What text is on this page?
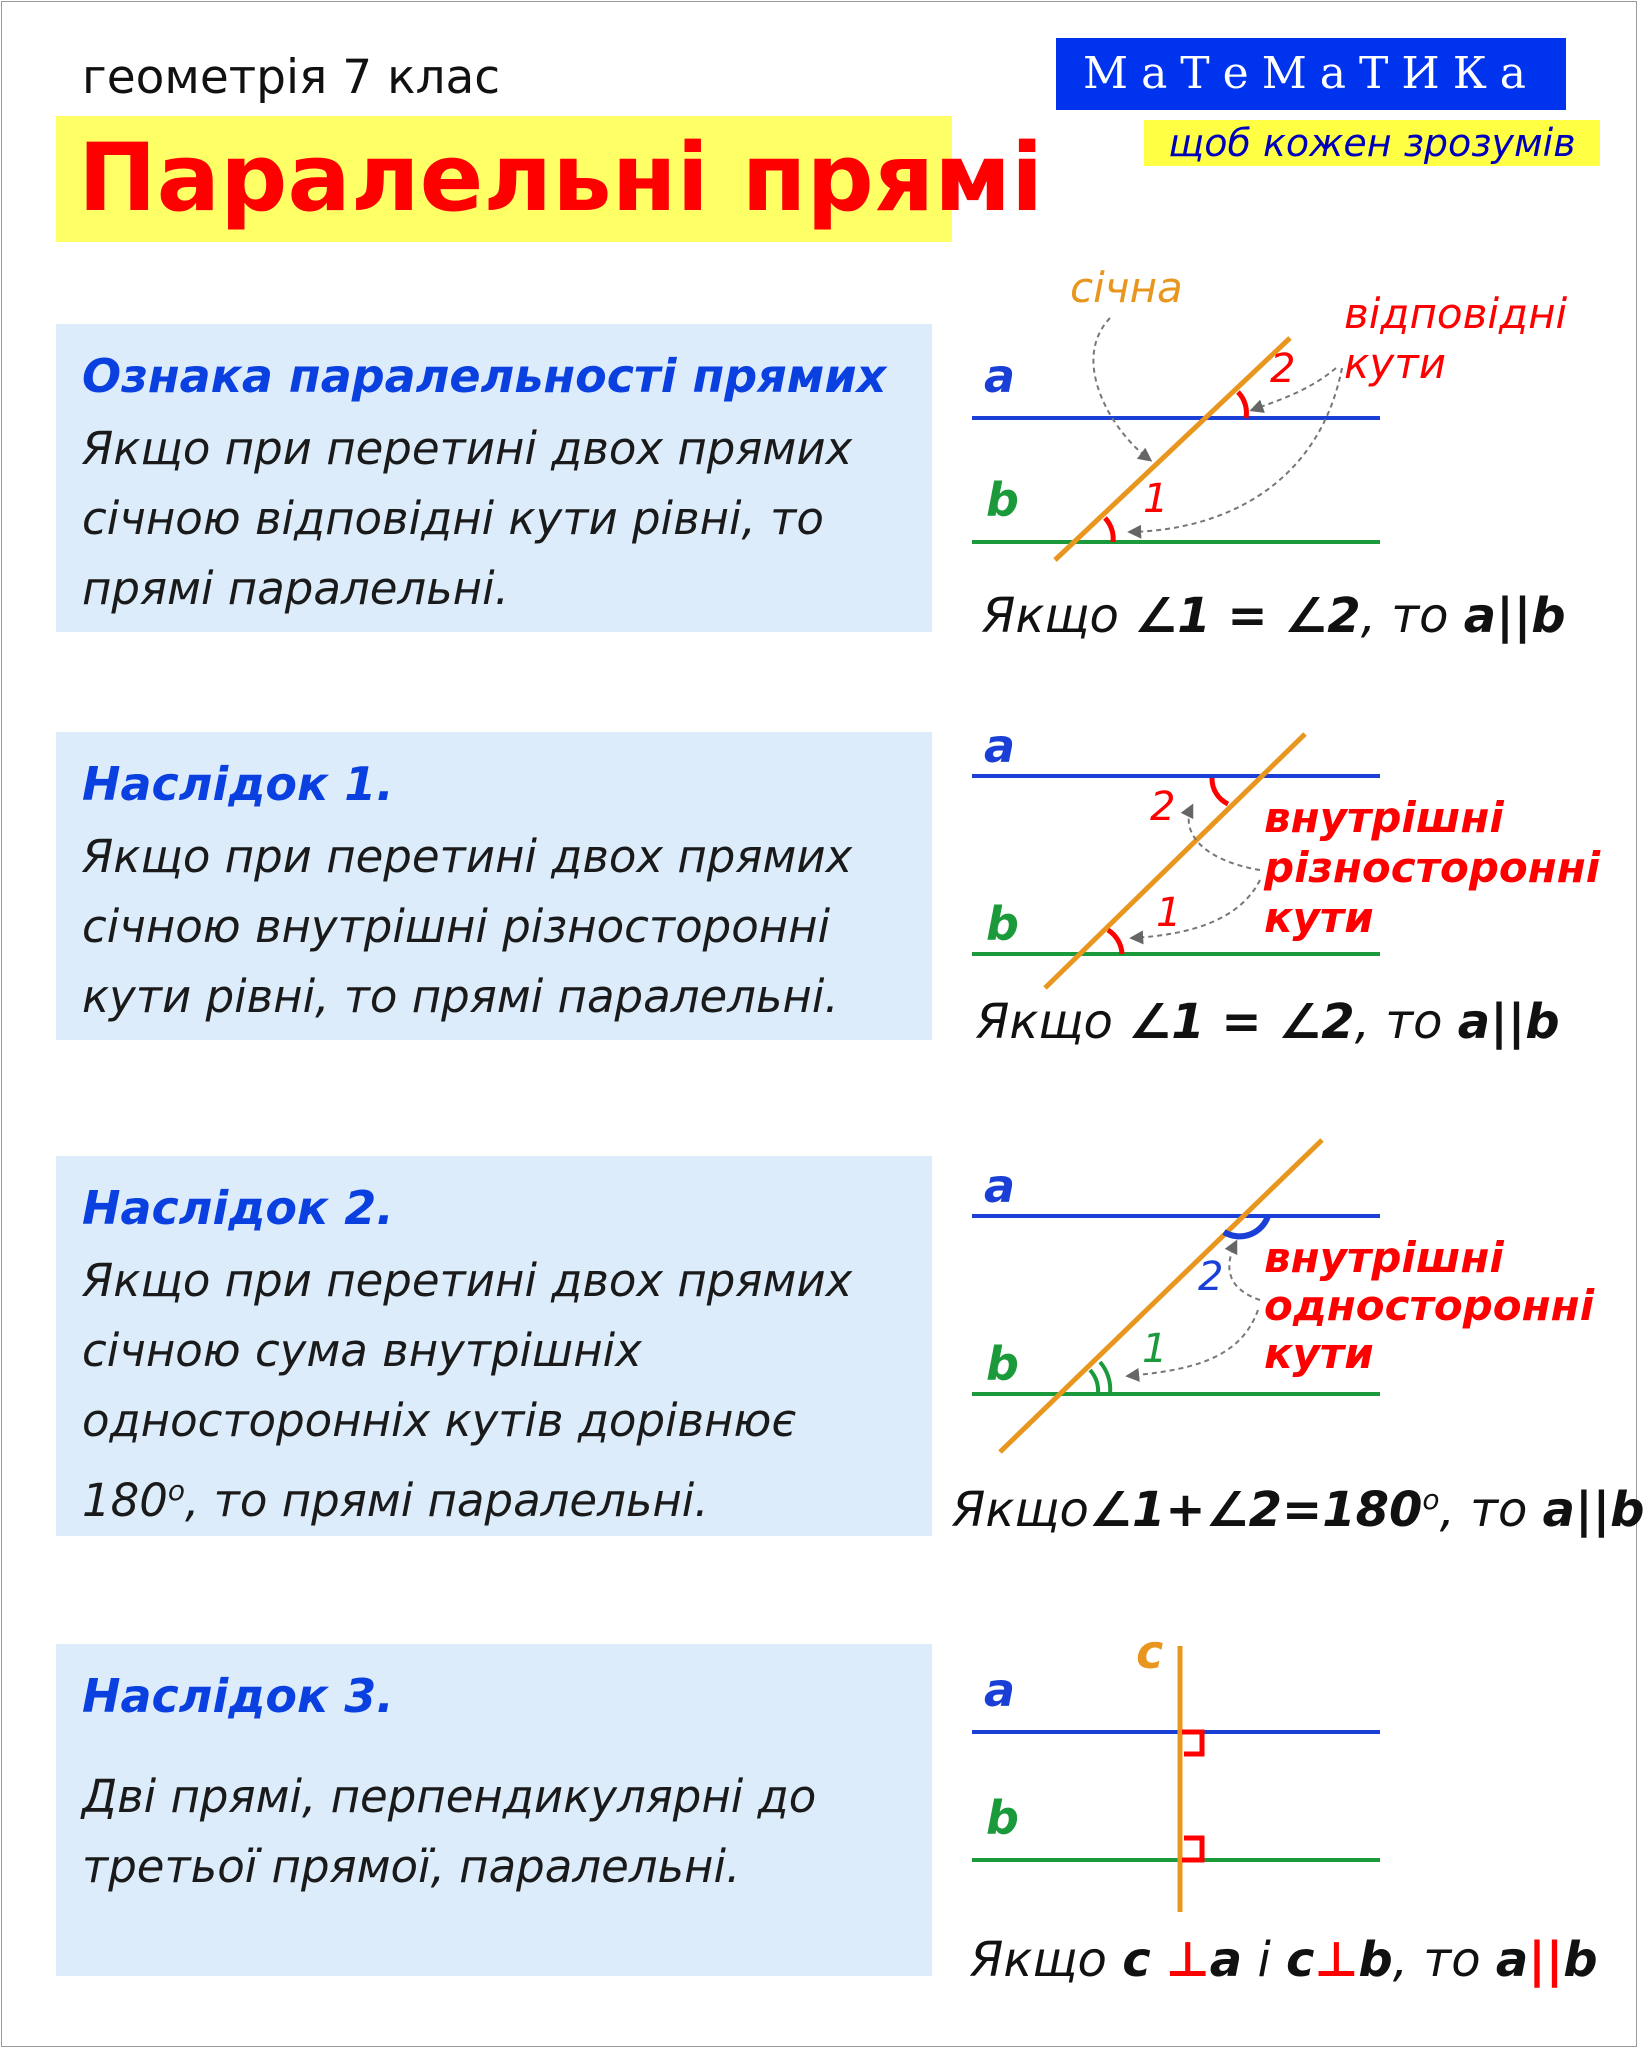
геометрія 7 клас
Паралельні прямі
МаТеМаТИКа
щоб кожен зрозумів
Ознака паралельності прямих
Якщо при перетині двох прямих
січною відповідні кути рівні, то
прямі паралельні.
Наслідок 1.
Якщо при перетині двох прямих
січною внутрішні різносторонні
кути рівні, то прямі паралельні.
Наслідок 2.
Якщо при перетині двох прямих
січною сума внутрішніх
односторонніх кутів дорівнює
$180^о$, то прямі паралельні.
Наслідок 3.
Дві прямі, перпендикулярні до
третьої прямої, паралельні.
a
b
2
1
січна
відповідні
кути
Якщо ∠1 = ∠2, то a||b
a
b
2
1
внутрішні
різносторонні
кути
Якщо ∠1 = ∠2, то a||b
a
b
2
1
внутрішні
односторонні
кути
$Якщо\angle 1+\angle 2=180^о$, то a||b
a
b
c
Якщо c ⊥a і c⊥b, то a||b
